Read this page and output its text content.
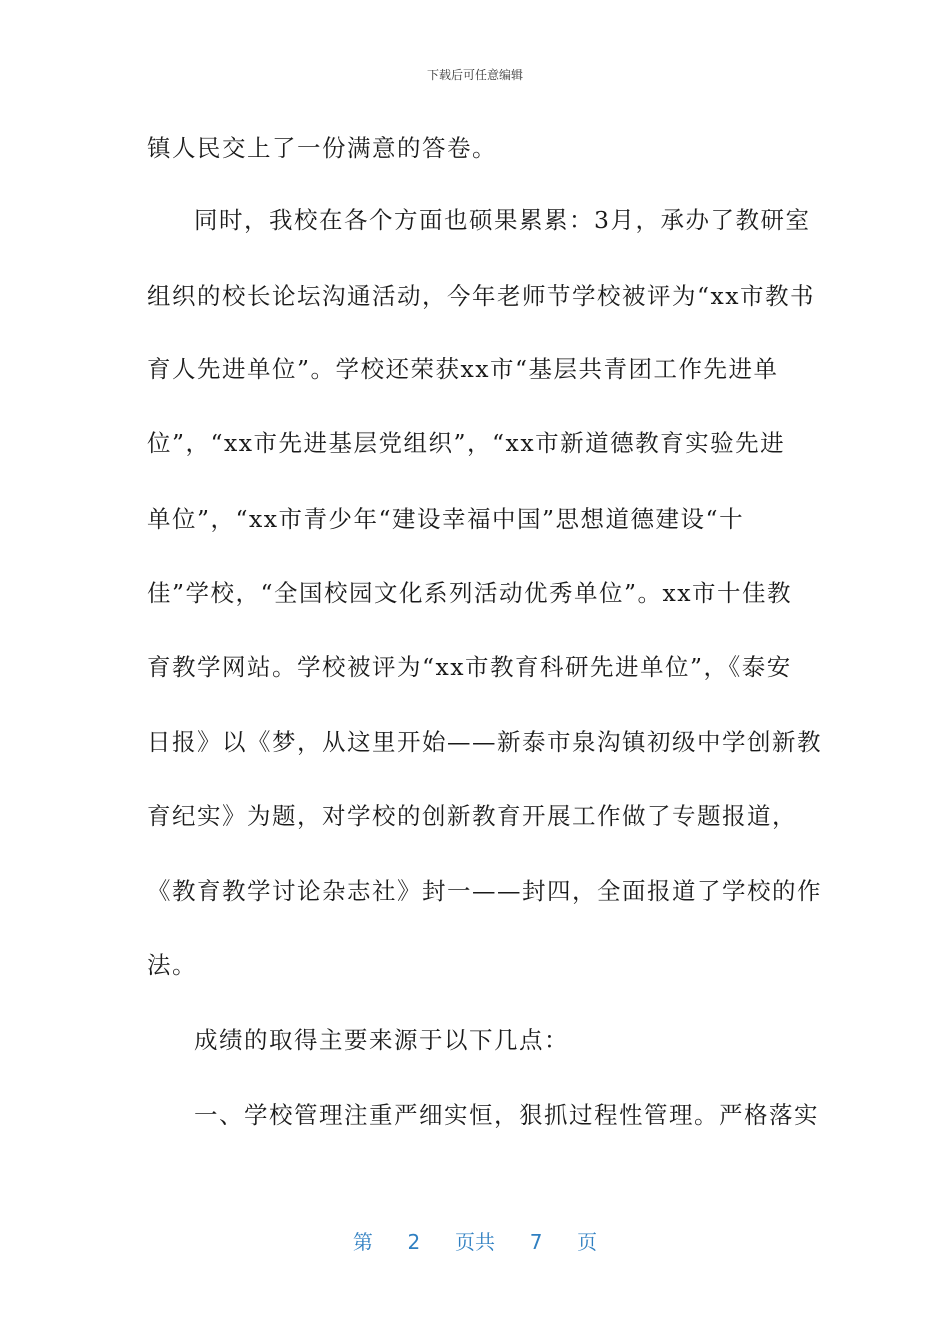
下载后可任意编辑
镇人民交上了一份满意的答卷。
同时，我校在各个方面也硕果累累：3月，承办了教研室
组织的校长论坛沟通活动，今年老师节学校被评为“xx市教书
育人先进单位”。学校还荣获xx市“基层共青团工作先进单
位”，“xx市先进基层党组织”，“xx市新道德教育实验先进
单位”，“xx市青少年“建设幸福中国”思想道德建设“十
佳”学校，“全国校园文化系列活动优秀单位”。xx市十佳教
育教学网站。学校被评为“xx市教育科研先进单位”，《泰安
日报》以《梦，从这里开始——新泰市泉沟镇初级中学创新教
育纪实》为题，对学校的创新教育开展工作做了专题报道，
《教育教学讨论杂志社》封一——封四，全面报道了学校的作
法。
成绩的取得主要来源于以下几点：
一、学校管理注重严细实恒，狠抓过程性管理。严格落实
第 2 页共 7 页
